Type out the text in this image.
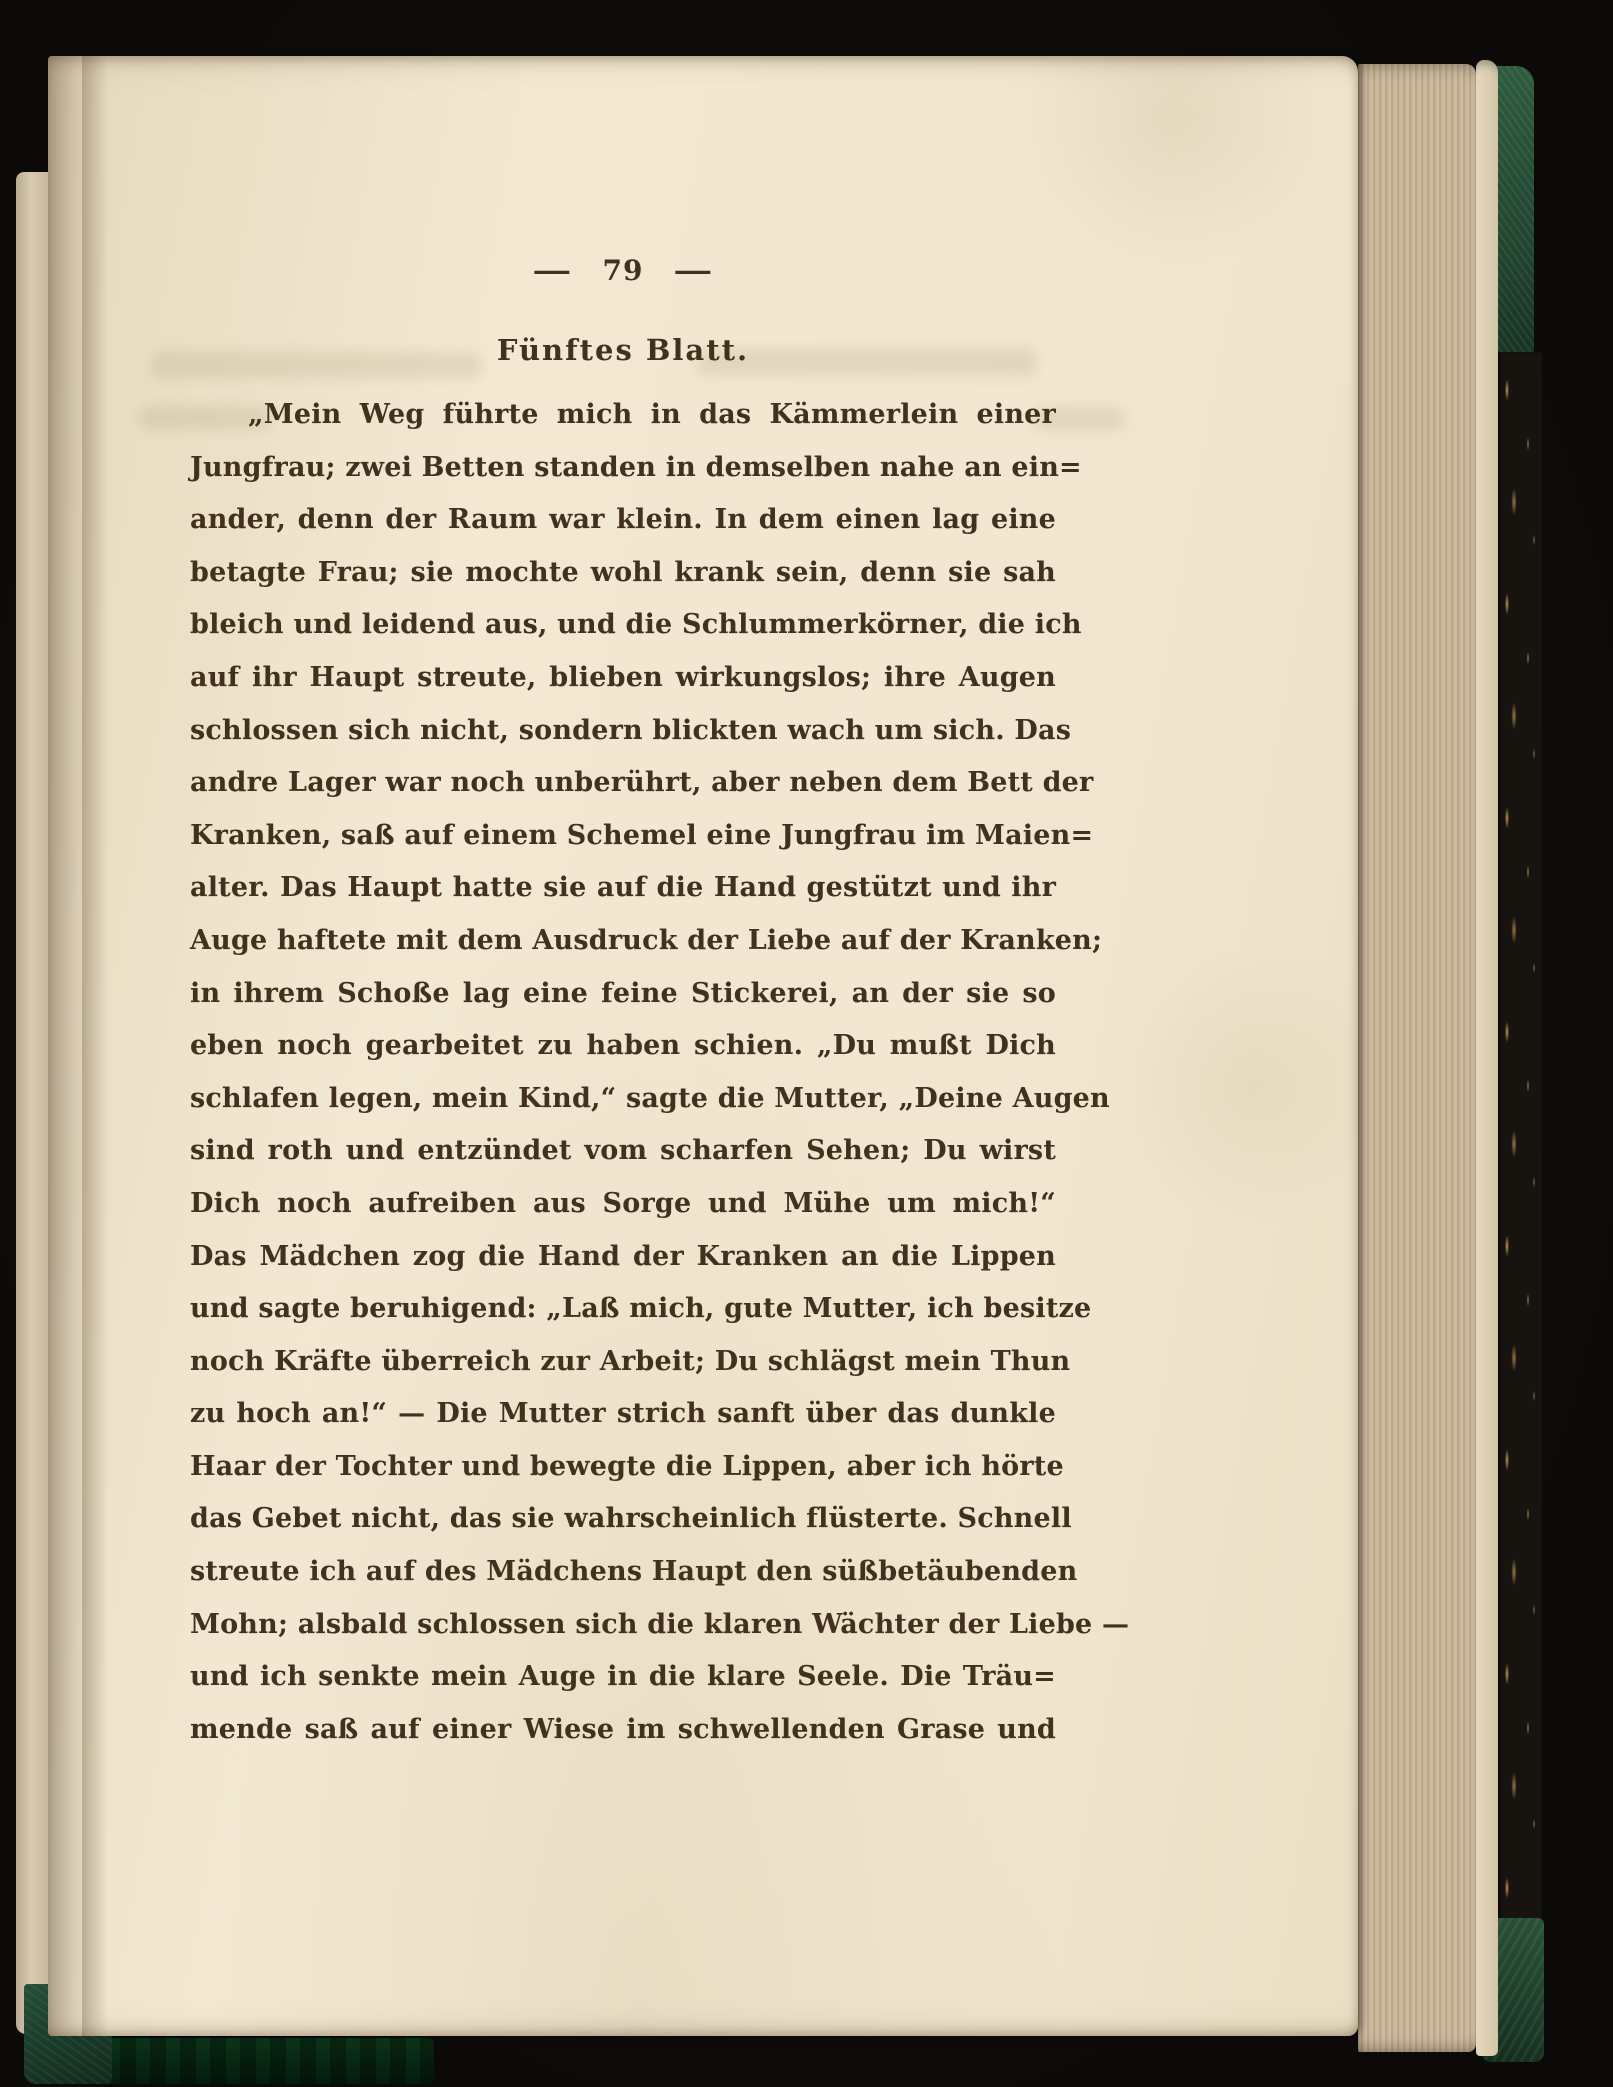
— 79 —
Fünftes Blatt.
„Mein Weg führte mich in das Kämmerlein einer
Jungfrau; zwei Betten standen in demselben nahe an ein=
ander, denn der Raum war klein. In dem einen lag eine
betagte Frau; sie mochte wohl krank sein, denn sie sah
bleich und leidend aus, und die Schlummerkörner, die ich
auf ihr Haupt streute, blieben wirkungslos; ihre Augen
schlossen sich nicht, sondern blickten wach um sich. Das
andre Lager war noch unberührt, aber neben dem Bett der
Kranken, saß auf einem Schemel eine Jungfrau im Maien=
alter. Das Haupt hatte sie auf die Hand gestützt und ihr
Auge haftete mit dem Ausdruck der Liebe auf der Kranken;
in ihrem Schoße lag eine feine Stickerei, an der sie so
eben noch gearbeitet zu haben schien. „Du mußt Dich
schlafen legen, mein Kind,“ sagte die Mutter, „Deine Augen
sind roth und entzündet vom scharfen Sehen; Du wirst
Dich noch aufreiben aus Sorge und Mühe um mich!“
Das Mädchen zog die Hand der Kranken an die Lippen
und sagte beruhigend: „Laß mich, gute Mutter, ich besitze
noch Kräfte überreich zur Arbeit; Du schlägst mein Thun
zu hoch an!“ — Die Mutter strich sanft über das dunkle
Haar der Tochter und bewegte die Lippen, aber ich hörte
das Gebet nicht, das sie wahrscheinlich flüsterte. Schnell
streute ich auf des Mädchens Haupt den süßbetäubenden
Mohn; alsbald schlossen sich die klaren Wächter der Liebe —
und ich senkte mein Auge in die klare Seele. Die Träu=
mende saß auf einer Wiese im schwellenden Grase und
